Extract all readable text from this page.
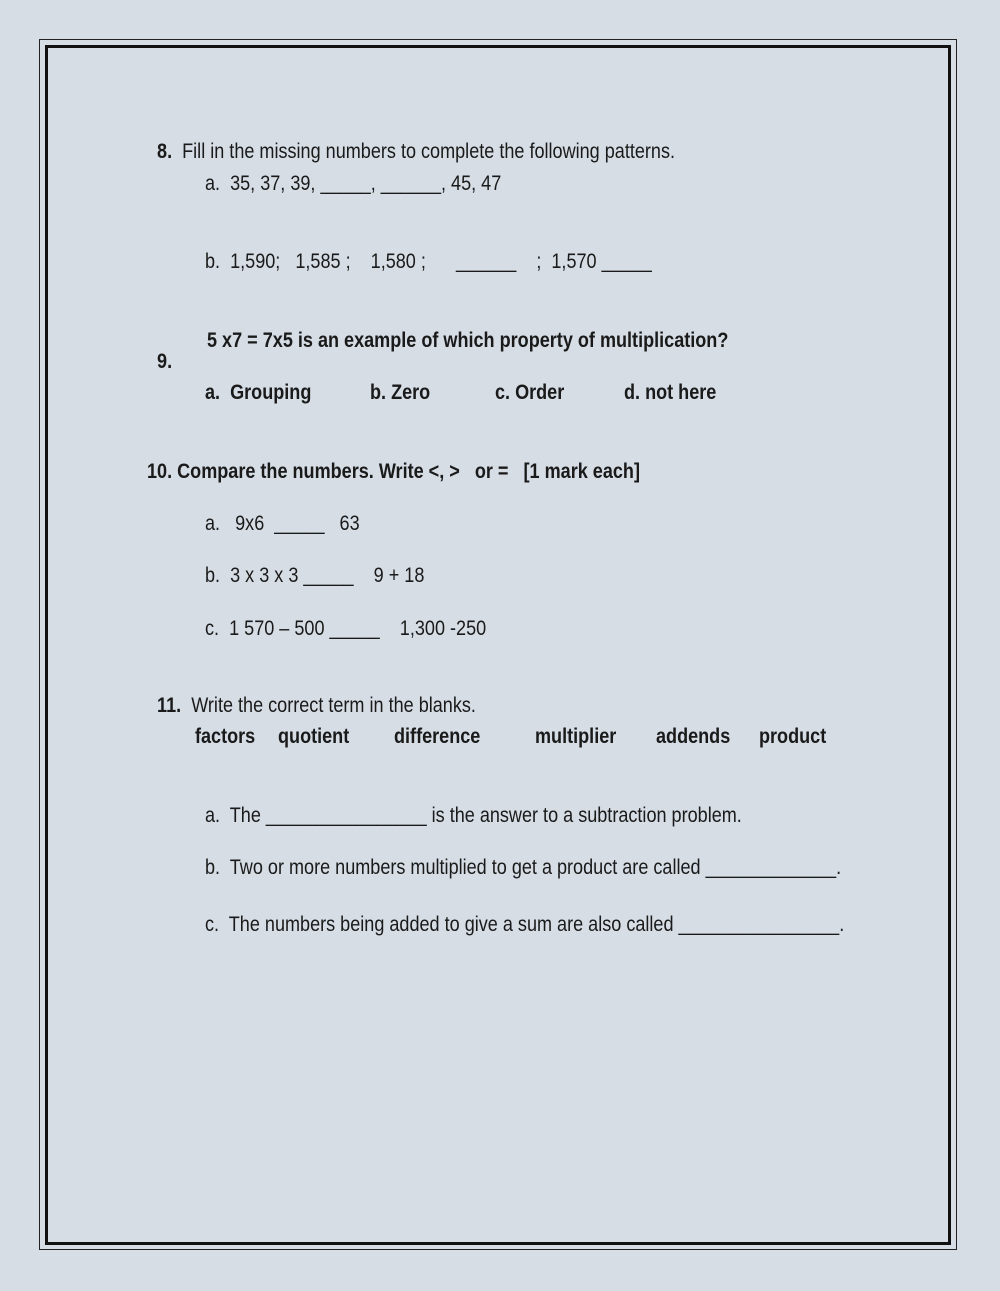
8. Fill in the missing numbers to complete the following patterns.

a.  35, 37, 39, _____, ______, 45, 47
b.  1,590;   1,585 ;    1,580 ;      ______    ;  1,570 _____

9.

5 x7 = 7x5 is an example of which property of multiplication?
a.  Grouping	b. Zero	c. Order	d. not here
10. Compare the numbers. Write <, >   or =   [1 mark each]
a.   9x6  _____   63
b.  3 x 3 x 3 _____    9 + 18
c.  1 570 – 500 _____    1,300 -250

11. Write the correct term in the blanks.

factors quotient difference	multiplier addends product
a.  The ________________ is the answer to a subtraction problem.
b.  Two or more numbers multiplied to get a product are called _____________.
c.  The numbers being added to give a sum are also called ________________.
